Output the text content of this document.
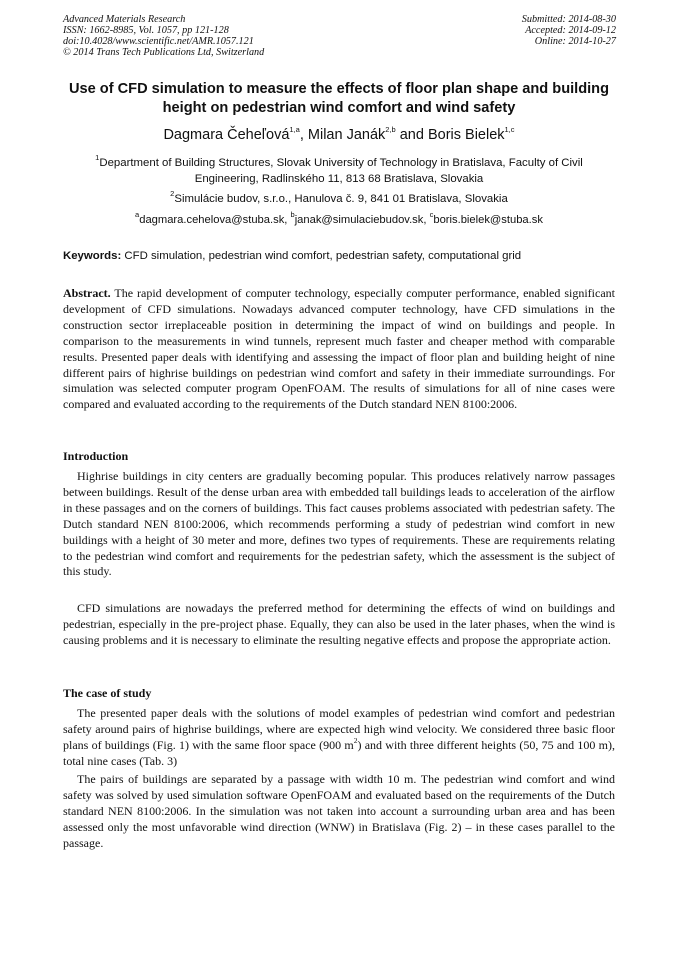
Advanced Materials Research
ISSN: 1662-8985, Vol. 1057, pp 121-128
doi:10.4028/www.scientific.net/AMR.1057.121
© 2014 Trans Tech Publications Ltd, Switzerland
Submitted: 2014-08-30
Accepted: 2014-09-12
Online: 2014-10-27
Use of CFD simulation to measure the effects of floor plan shape and building height on pedestrian wind comfort and wind safety
Dagmara Čeheľová$^{1,a}$, Milan Janák$^{2,b}$ and Boris Bielek$^{1,c}$
$^1$Department of Building Structures, Slovak University of Technology in Bratislava, Faculty of Civil Engineering, Radlinského 11, 813 68 Bratislava, Slovakia
$^2$Simulácie budov, s.r.o., Hanulova č. 9, 841 01 Bratislava, Slovakia
$^a$dagmara.cehelova@stuba.sk, $^b$janak@simulaciebudov.sk, $^c$boris.bielek@stuba.sk
Keywords: CFD simulation, pedestrian wind comfort, pedestrian safety, computational grid

Abstract. The rapid development of computer technology, especially computer performance, enabled significant development of CFD simulations. Nowadays advanced computer technology, have CFD simulations in the construction sector irreplaceable position in determining the impact of wind on buildings and people. In comparison to the measurements in wind tunnels, represent much faster and cheaper method with comparable results. Presented paper deals with identifying and assessing the impact of floor plan and building height of nine different pairs of highrise buildings on pedestrian wind comfort and safety in their immediate surroundings. For simulation was selected computer program OpenFOAM. The results of simulations for all of nine cases were compared and evaluated according to the requirements of the Dutch standard NEN 8100:2006.

Introduction

Highrise buildings in city centers are gradually becoming popular. This produces relatively narrow passages between buildings. Result of the dense urban area with embedded tall buildings leads to acceleration of the airflow in these passages and on the corners of buildings. This fact causes problems associated with pedestrian safety. The Dutch standard NEN 8100:2006, which recommends performing a study of pedestrian wind comfort in new buildings with a height of 30 meter and more, defines two types of requirements. These are requirements relating to the pedestrian wind comfort and requirements for the pedestrian safety, which the assessment is the subject of this study.

CFD simulations are nowadays the preferred method for determining the effects of wind on buildings and pedestrian, especially in the pre-project phase. Equally, they can also be used in the later phases, when the wind is causing problems and it is necessary to eliminate the resulting negative effects and propose the appropriate action.

The case of study

The presented paper deals with the solutions of model examples of pedestrian wind comfort and pedestrian safety around pairs of highrise buildings, where are expected high wind velocity. We considered three basic floor plans of buildings (Fig. 1) with the same floor space (900 $m^2$) and with three different heights (50, 75 and 100 m), total nine cases (Tab. 3)

The pairs of buildings are separated by a passage with width 10 m. The pedestrian wind comfort and wind safety was solved by used simulation software OpenFOAM and evaluated based on the requirements of the Dutch standard NEN 8100:2006. In the simulation was not taken into account a surrounding urban area and has been assessed only the most unfavorable wind direction (WNW) in Bratislava (Fig. 2) – in these cases parallel to the passage.
